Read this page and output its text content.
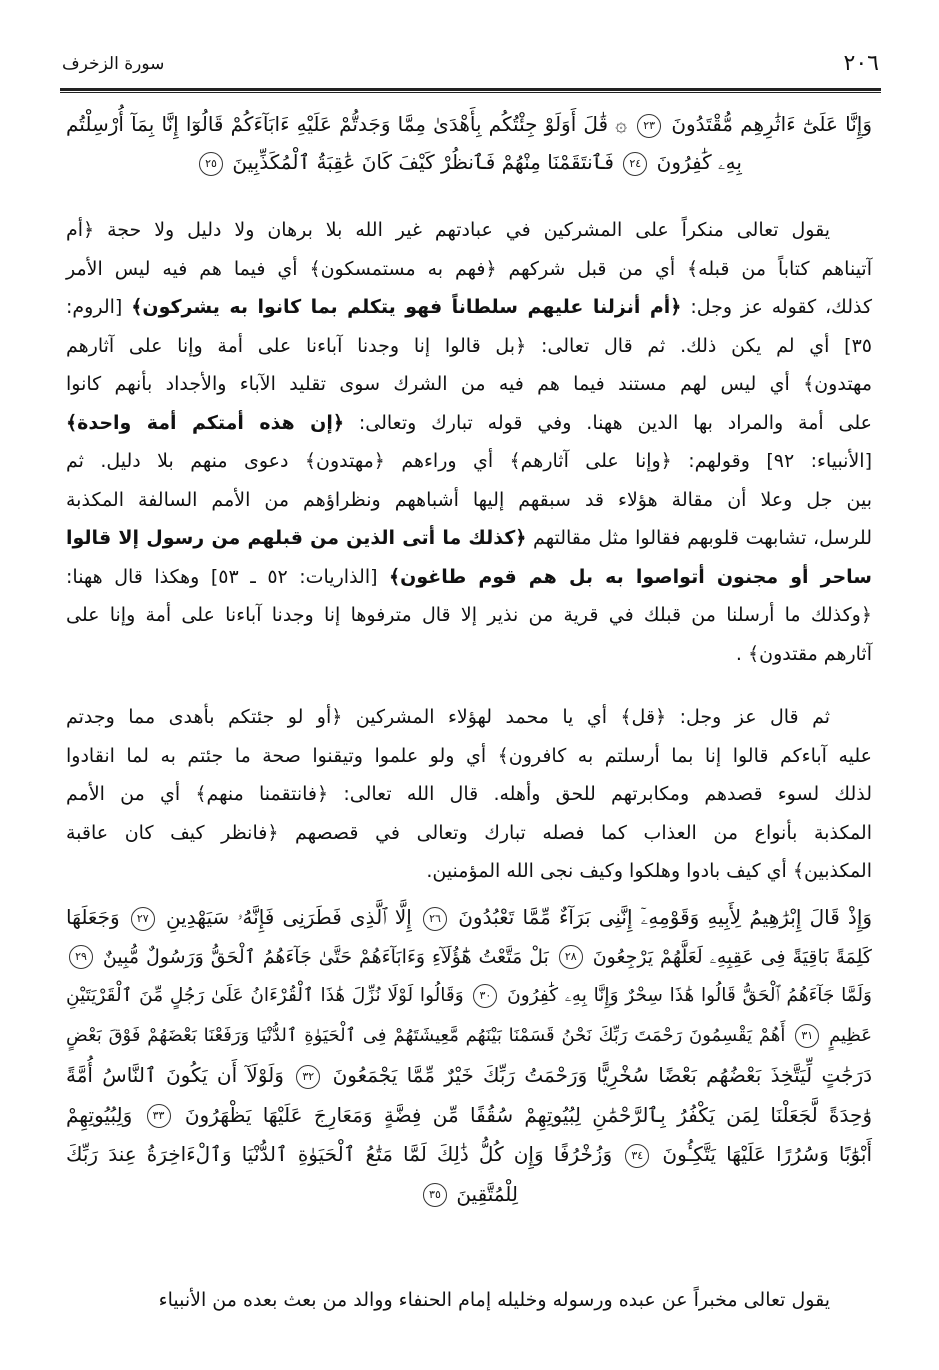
٢٠٦
سورة الزخرف
وَإِنَّا عَلَىٰٓ ءَاثَٰرِهِم مُّقْتَدُونَ ٢٣ ۞ قَٰلَ أَوَلَوْ جِئْتُكُم بِأَهْدَىٰ مِمَّا وَجَدتُّمْ عَلَيْهِ ءَابَآءَكُمْ قَالُوٓا إِنَّا بِمَآ أُرْسِلْتُم
بِهِۦ كَٰفِرُونَ ٢٤ فَٱنتَقَمْنَا مِنْهُمْ فَٱنظُرْ كَيْفَ كَانَ عَٰقِبَةُ ٱلْمُكَذِّبِينَ ٢٥
يقول تعالى منكراً على المشركين في عبادتهم غير الله بلا برهان ولا دليل ولا حجة ﴿أم
آتيناهم كتاباً من قبله﴾ أي من قبل شركهم ﴿فهم به مستمسكون﴾ أي فيما هم فيه ليس الأمر
كذلك، كقوله عز وجل: ﴿أم أنزلنا عليهم سلطاناً فهو يتكلم بما كانوا به يشركون﴾ [الروم:
٣٥] أي لم يكن ذلك. ثم قال تعالى: ﴿بل قالوا إنا وجدنا آباءنا على أمة وإنا على آثارهم
مهتدون﴾ أي ليس لهم مستند فيما هم فيه من الشرك سوى تقليد الآباء والأجداد بأنهم كانوا
على أمة والمراد بها الدين ههنا. وفي قوله تبارك وتعالى: ﴿إن هذه أمتكم أمة واحدة﴾
[الأنبياء: ٩٢] وقولهم: ﴿وإنا على آثارهم﴾ أي وراءهم ﴿مهتدون﴾ دعوى منهم بلا دليل. ثم
بين جل وعلا أن مقالة هؤلاء قد سبقهم إليها أشباههم ونظراؤهم من الأمم السالفة المكذبة
للرسل، تشابهت قلوبهم فقالوا مثل مقالتهم ﴿كذلك ما أتى الذين من قبلهم من رسول إلا قالوا
ساحر أو مجنون أتواصوا به بل هم قوم طاغون﴾ [الذاريات: ٥٢ ـ ٥٣] وهكذا قال ههنا:
﴿وكذلك ما أرسلنا من قبلك في قرية من نذير إلا قال مترفوها إنا وجدنا آباءنا على أمة وإنا على
آثارهم مقتدون﴾ .
ثم قال عز وجل: ﴿قل﴾ أي يا محمد لهؤلاء المشركين ﴿أو لو جئتكم بأهدى مما وجدتم
عليه آباءكم قالوا إنا بما أرسلتم به كافرون﴾ أي ولو علموا وتيقنوا صحة ما جئتم به لما انقادوا
لذلك لسوء قصدهم ومكابرتهم للحق وأهله. قال الله تعالى: ﴿فانتقمنا منهم﴾ أي من الأمم
المكذبة بأنواع من العذاب كما فصله تبارك وتعالى في قصصهم ﴿فانظر كيف كان عاقبة
المكذبين﴾ أي كيف بادوا وهلكوا وكيف نجى الله المؤمنين.
وَإِذْ قَالَ إِبْرَٰهِيمُ لِأَبِيهِ وَقَوْمِهِۦٓ إِنَّنِى بَرَآءٌ مِّمَّا تَعْبُدُونَ ٢٦ إِلَّا ٱلَّذِى فَطَرَنِى فَإِنَّهُۥ سَيَهْدِينِ ٢٧ وَجَعَلَهَا
كَلِمَةً بَاقِيَةً فِى عَقِبِهِۦ لَعَلَّهُمْ يَرْجِعُونَ ٢٨ بَلْ مَتَّعْتُ هَٰٓؤُلَآءِ وَءَابَآءَهُمْ حَتَّىٰ جَآءَهُمُ ٱلْحَقُّ وَرَسُولٌ مُّبِينٌ ٢٩
وَلَمَّا جَآءَهُمُ ٱلْحَقُّ قَالُوا هَٰذَا سِحْرٌ وَإِنَّا بِهِۦ كَٰفِرُونَ ٣٠ وَقَالُوا لَوْلَا نُزِّلَ هَٰذَا ٱلْقُرْءَانُ عَلَىٰ رَجُلٍ مِّنَ ٱلْقَرْيَتَيْنِ
عَظِيمٍ ٣١ أَهُمْ يَقْسِمُونَ رَحْمَتَ رَبِّكَ نَحْنُ قَسَمْنَا بَيْنَهُم مَّعِيشَتَهُمْ فِى ٱلْحَيَوٰةِ ٱلدُّنْيَا وَرَفَعْنَا بَعْضَهُمْ فَوْقَ بَعْضٍ
دَرَجَٰتٍ لِّيَتَّخِذَ بَعْضُهُم بَعْضًا سُخْرِيًّا وَرَحْمَتُ رَبِّكَ خَيْرٌ مِّمَّا يَجْمَعُونَ ٣٢ وَلَوْلَآ أَن يَكُونَ ٱلنَّاسُ أُمَّةً
وَٰحِدَةً لَّجَعَلْنَا لِمَن يَكْفُرُ بِٱلرَّحْمَٰنِ لِبُيُوتِهِمْ سُقُفًا مِّن فِضَّةٍ وَمَعَارِجَ عَلَيْهَا يَظْهَرُونَ ٣٣ وَلِبُيُوتِهِمْ
أَبْوَٰبًا وَسُرُرًا عَلَيْهَا يَتَّكِـُٔونَ ٣٤ وَزُخْرُفًا وَإِن كُلُّ ذَٰلِكَ لَمَّا مَتَٰعُ ٱلْحَيَوٰةِ ٱلدُّنْيَا وَٱلْءَاخِرَةُ عِندَ رَبِّكَ
لِلْمُتَّقِينَ ٣٥
يقول تعالى مخبراً عن عبده ورسوله وخليله إمام الحنفاء ووالد من بعث بعده من الأنبياء
